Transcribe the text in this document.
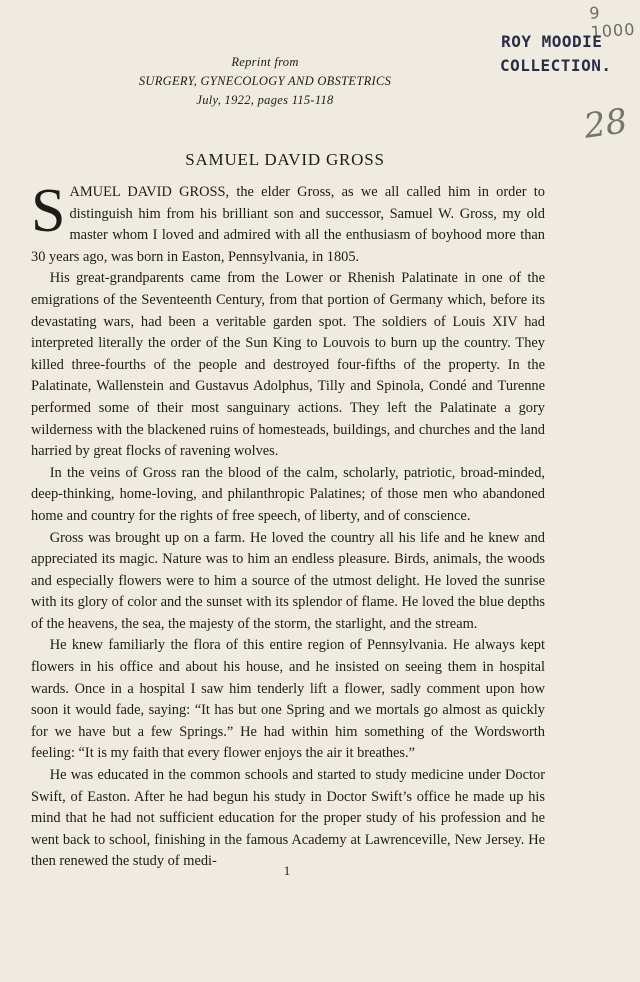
9 1000
ROY MOODIE
COLLECTION.
28
Reprint from
SURGERY, GYNECOLOGY AND OBSTETRICS
July, 1922, pages 115-118
SAMUEL DAVID GROSS

SAMUEL DAVID GROSS, the elder Gross, as we all called him in order to distinguish him from his brilliant son and successor, Samuel W. Gross, my old master whom I loved and admired with all the enthusiasm of boyhood more than 30 years ago, was born in Easton, Pennsylvania, in 1805.

His great-grandparents came from the Lower or Rhenish Palatinate in one of the emigrations of the Seventeenth Century, from that portion of Germany which, before its devastating wars, had been a veritable garden spot. The soldiers of Louis XIV had interpreted literally the order of the Sun King to Louvois to burn up the country. They killed three-fourths of the people and destroyed four-fifths of the property. In the Palatinate, Wallenstein and Gustavus Adolphus, Tilly and Spinola, Condé and Turenne performed some of their most sanguinary actions. They left the Palatinate a gory wilderness with the blackened ruins of homesteads, buildings, and churches and the land harried by great flocks of ravening wolves.

In the veins of Gross ran the blood of the calm, scholarly, patriotic, broad-minded, deep-thinking, home-loving, and philanthropic Palatines; of those men who abandoned home and country for the rights of free speech, of liberty, and of conscience.

Gross was brought up on a farm. He loved the country all his life and he knew and appreciated its magic. Nature was to him an endless pleasure. Birds, animals, the woods and especially flowers were to him a source of the utmost delight. He loved the sunrise with its glory of color and the sunset with its splendor of flame. He loved the blue depths of the heavens, the sea, the majesty of the storm, the starlight, and the stream.

He knew familiarly the flora of this entire region of Pennsylvania. He always kept flowers in his office and about his house, and he insisted on seeing them in hospital wards. Once in a hospital I saw him tenderly lift a flower, sadly comment upon how soon it would fade, saying: “It has but one Spring and we mortals go almost as quickly for we have but a few Springs.” He had within him something of the Wordsworth feeling: “It is my faith that every flower enjoys the air it breathes.”

He was educated in the common schools and started to study medicine under Doctor Swift, of Easton. After he had begun his study in Doctor Swift’s office he made up his mind that he had not sufficient education for the proper study of his profession and he went back to school, finishing in the famous Academy at Lawrenceville, New Jersey. He then renewed the study of medi-

1
